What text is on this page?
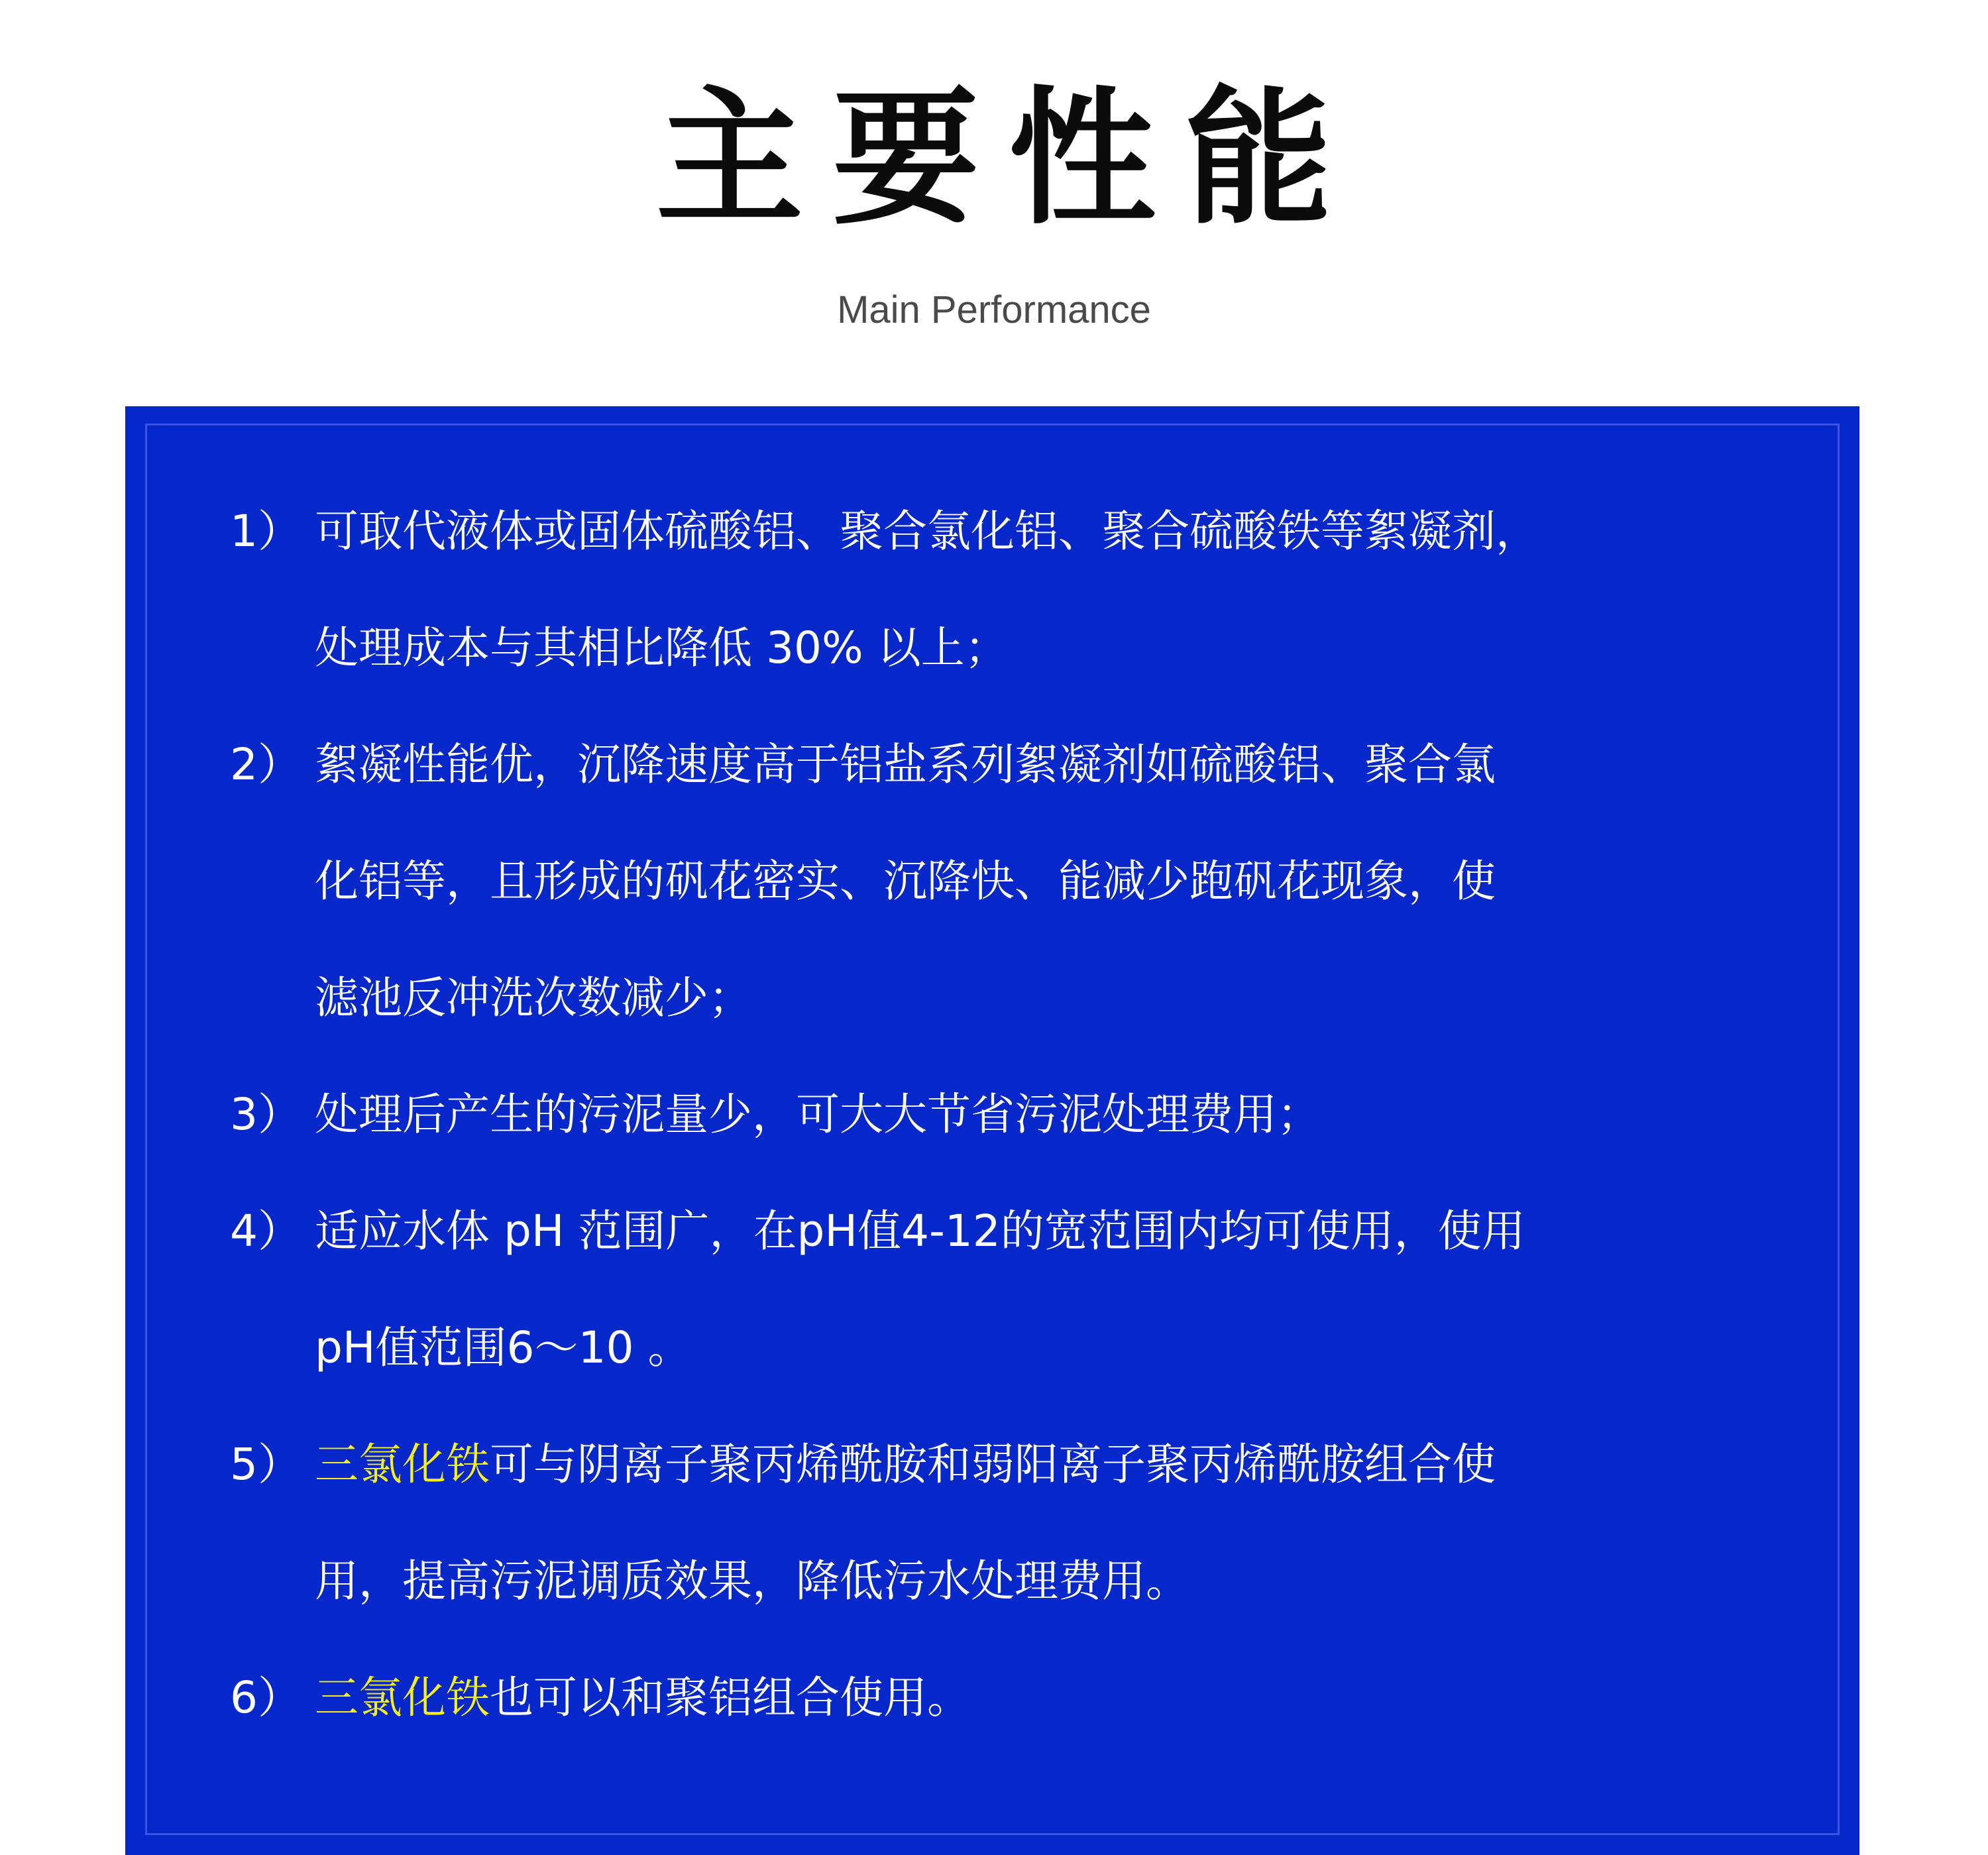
主要性能
Main Performance
1） 可取代液体或固体硫酸铝、聚合氯化铝、聚合硫酸铁等絮凝剂，
处理成本与其相比降低 30% 以上；
2） 絮凝性能优，沉降速度高于铝盐系列絮凝剂如硫酸铝、聚合氯
化铝等，且形成的矾花密实、沉降快、能减少跑矾花现象，使
滤池反冲洗次数减少；
3） 处理后产生的污泥量少，可大大节省污泥处理费用；
4） 适应水体 pH 范围广，在pH值4-12的宽范围内均可使用，使用
pH值范围6～10 。
5） 三氯化铁 可与阴离子聚丙烯酰胺和弱阳离子聚丙烯酰胺组合使
用，提高污泥调质效果，降低污水处理费用。
6） 三氯化铁 也可以和聚铝组合使用。
